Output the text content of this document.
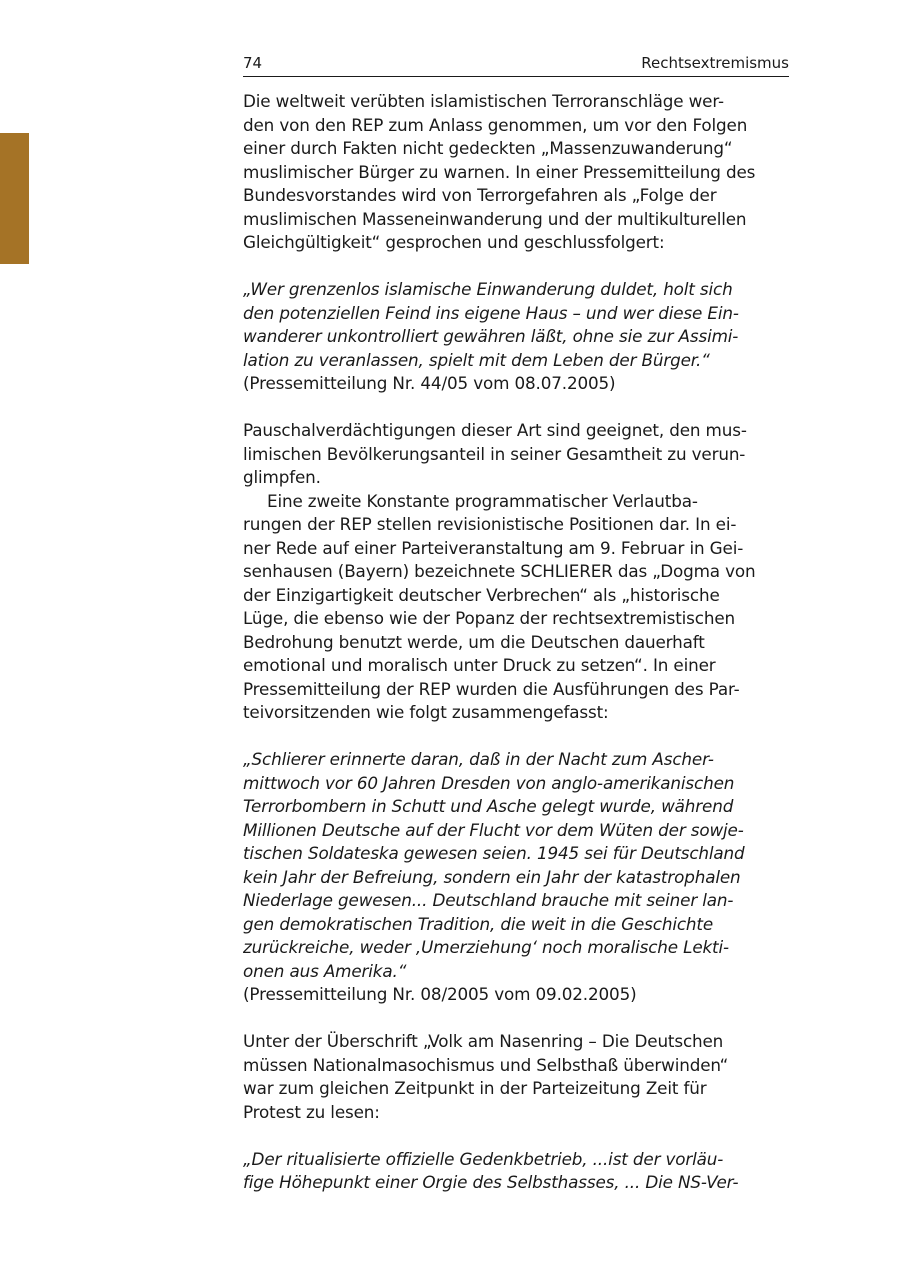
74	Rechtsextremismus
Die weltweit verübten islamistischen Terroranschläge wer-
den von den REP zum Anlass genommen, um vor den Folgen
einer durch Fakten nicht gedeckten „Massenzuwanderung“
muslimischer Bürger zu warnen. In einer Pressemitteilung des
Bundesvorstandes wird von Terrorgefahren als „Folge der
muslimischen Masseneinwanderung und der multikulturellen
Gleichgültigkeit“ gesprochen und geschlussfolgert:
„Wer grenzenlos islamische Einwanderung duldet, holt sich
den potenziellen Feind ins eigene Haus – und wer diese Ein-
wanderer unkontrolliert gewähren läßt, ohne sie zur Assimi-
lation zu veranlassen, spielt mit dem Leben der Bürger.“
(Pressemitteilung Nr. 44/05 vom 08.07.2005)
Pauschalverdächtigungen dieser Art sind geeignet, den mus-
limischen Bevölkerungsanteil in seiner Gesamtheit zu verun-
glimpfen.
Eine zweite Konstante programmatischer Verlautba-
rungen der REP stellen revisionistische Positionen dar. In ei-
ner Rede auf einer Parteiveranstaltung am 9. Februar in Gei-
senhausen (Bayern) bezeichnete SCHLIERER das „Dogma von
der Einzigartigkeit deutscher Verbrechen“ als „historische
Lüge, die ebenso wie der Popanz der rechtsextremistischen
Bedrohung benutzt werde, um die Deutschen dauerhaft
emotional und moralisch unter Druck zu setzen“. In einer
Pressemitteilung der REP wurden die Ausführungen des Par-
teivorsitzenden wie folgt zusammengefasst:
„Schlierer erinnerte daran, daß in der Nacht zum Ascher-
mittwoch vor 60 Jahren Dresden von anglo-amerikanischen
Terrorbombern in Schutt und Asche gelegt wurde, während
Millionen Deutsche auf der Flucht vor dem Wüten der sowje-
tischen Soldateska gewesen seien. 1945 sei für Deutschland
kein Jahr der Befreiung, sondern ein Jahr der katastrophalen
Niederlage gewesen... Deutschland brauche mit seiner lan-
gen demokratischen Tradition, die weit in die Geschichte
zurückreiche, weder ‚Umerziehung‘ noch moralische Lekti-
onen aus Amerika.“
(Pressemitteilung Nr. 08/2005 vom 09.02.2005)
Unter der Überschrift „Volk am Nasenring – Die Deutschen
müssen Nationalmasochismus und Selbsthaß überwinden“
war zum gleichen Zeitpunkt in der Parteizeitung Zeit für
Protest zu lesen:
„Der ritualisierte offizielle Gedenkbetrieb, ...ist der vorläu-
fige Höhepunkt einer Orgie des Selbsthasses, ... Die NS-Ver-
